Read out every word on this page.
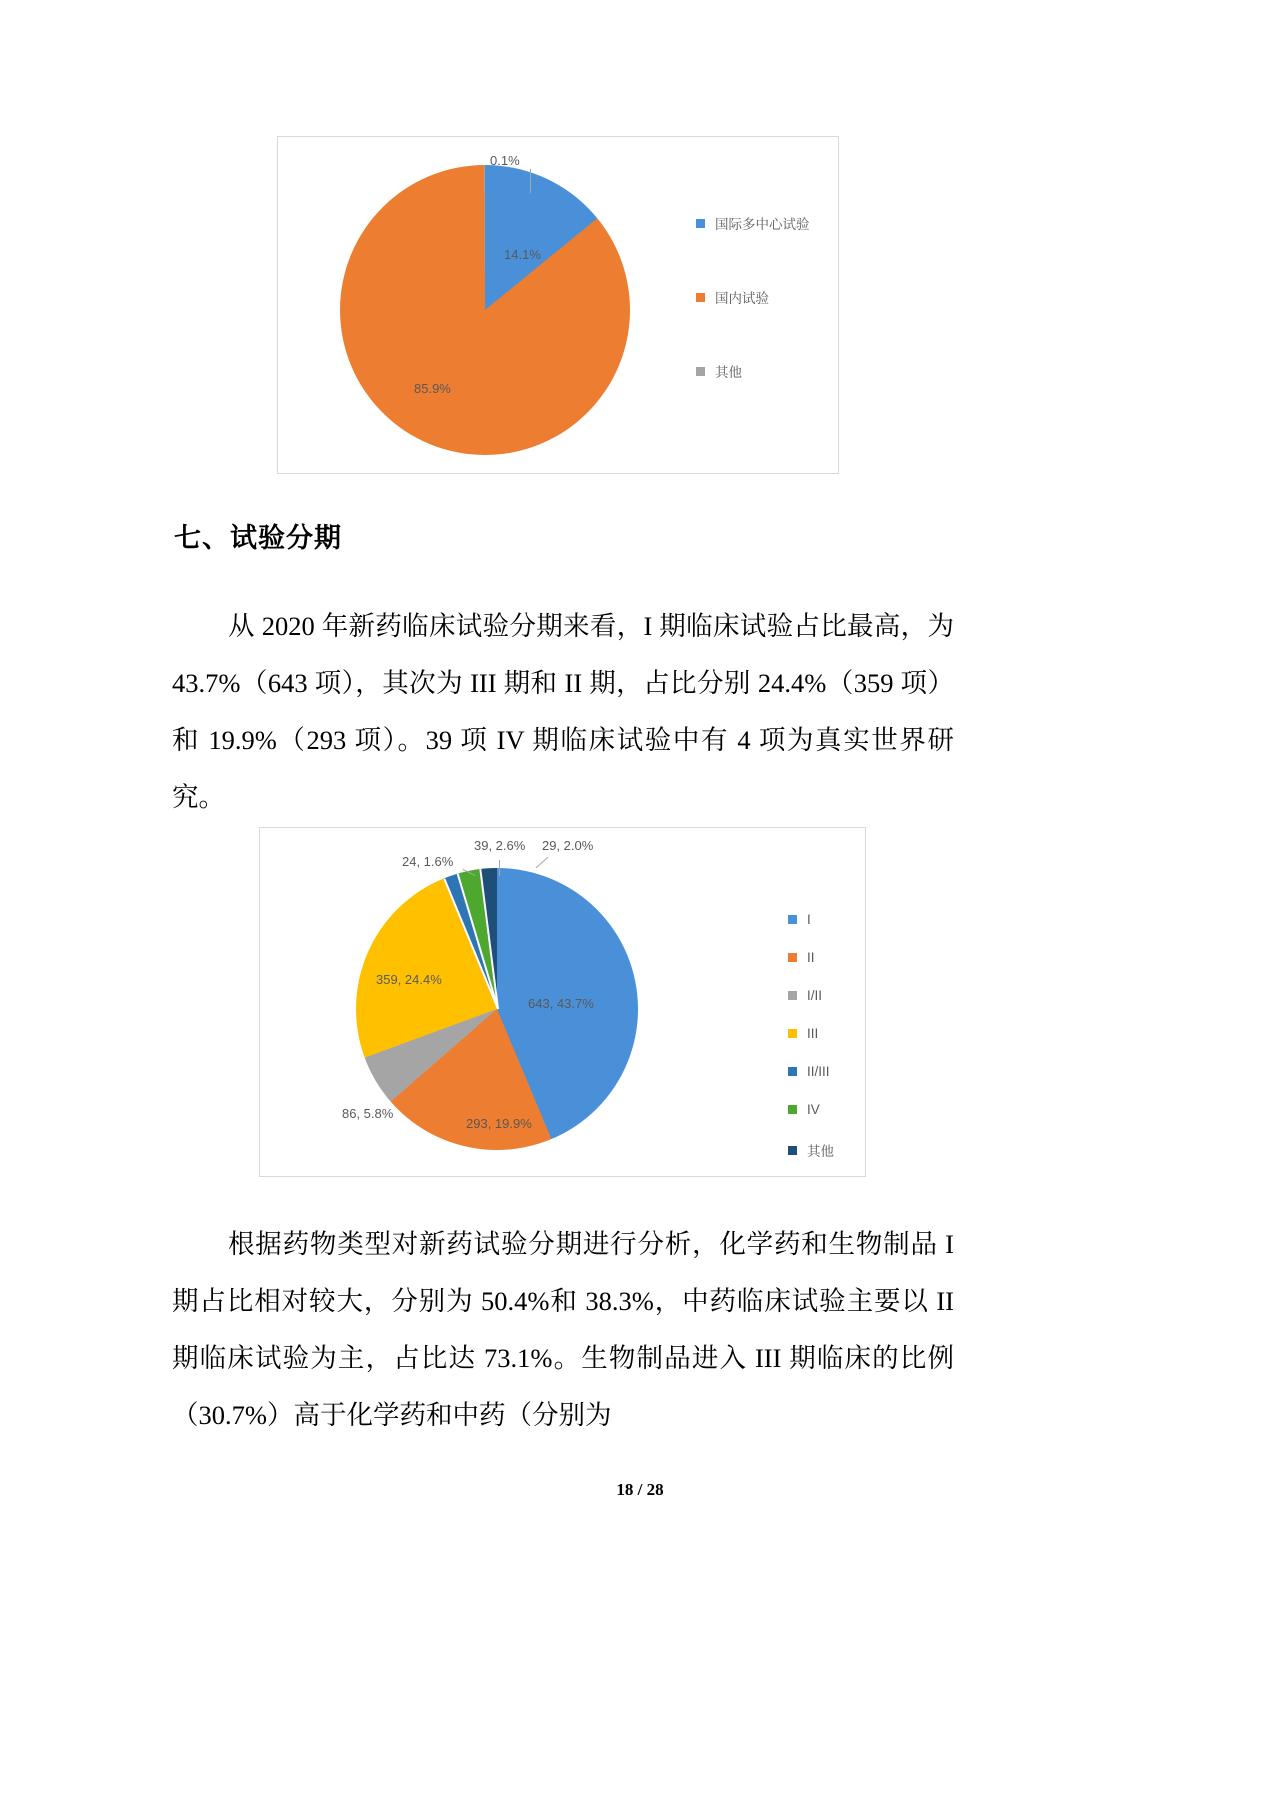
0.1%
14.1%
85.9%
国际多中心试验
国内试验
其他
七、试验分期
从 2020 年新药临床试验分期来看，I 期临床试验占比最高，为 43.7%（643 项），其次为 III 期和 II 期，占比分别 24.4%（359 项）和 19.9%（293 项）。39 项 IV 期临床试验中有 4 项为真实世界研究。
643, 43.7%
293, 19.9%
86, 5.8%
359, 24.4%
24, 1.6%
39, 2.6% 29, 2.0%
I
II
I/II
III
II/III
IV
其他
根据药物类型对新药试验分期进行分析，化学药和生物制品 I 期占比相对较大，分别为 50.4%和 38.3%，中药临床试验主要以 II 期临床试验为主，占比达 73.1%。生物制品进入 III 期临床的比例（30.7%）高于化学药和中药（分别为
18 / 28
